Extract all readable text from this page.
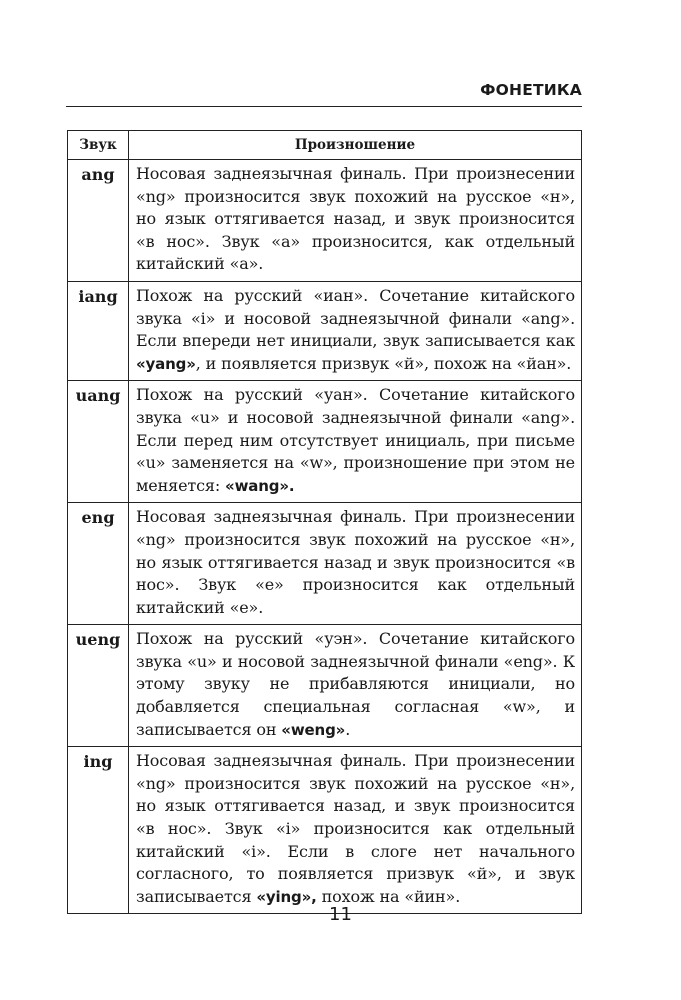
ФОНЕТИКА
Звук	Произношение
ang	Носовая заднеязычная финаль. При произнесении «ng» произносится звук похожий на русское «н», но язык оттягивается назад, и звук произносится «в нос». Звук «a» произносится, как отдельный китайский «a».
iang	Похож на русский «иан». Сочетание китайского звука «i» и носовой заднеязычной финали «ang». Если впереди нет инициали, звук записывается как «yang», и появляется призвук «й», похож на «йан».
uang	Похож на русский «уан». Сочетание китайского звука «u» и носовой заднеязычной финали «ang». Если перед ним отсутствует инициаль, при письме «u» заменяется на «w», произношение при этом не меняется: «wang».
eng	Носовая заднеязычная финаль. При произнесении «ng» произносится звук похожий на русское «н», но язык оттягивается назад и звук произносится «в нос». Звук «e» произносится как отдельный китайский «e».
ueng	Похож на русский «уэн». Сочетание китайского звука «u» и носовой заднеязычной финали «eng». К этому звуку не прибавляются инициали, но добавляется специальная согласная «w», и записывается он «weng».
ing	Носовая заднеязычная финаль. При произнесении «ng» произносится звук похожий на русское «н», но язык оттягивается назад, и звук произносится «в нос». Звук «i» произносится как отдельный китайский «i». Если в слоге нет начального согласного, то появляется призвук «й», и звук записывается «ying», похож на «йин».
11
